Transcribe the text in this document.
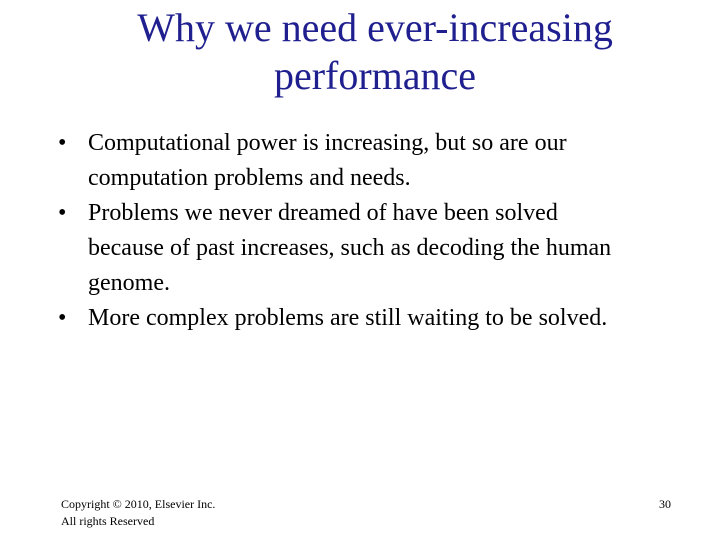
Why we need ever-increasing
performance
• Computational power is increasing, but so are our
computation problems and needs.
• Problems we never dreamed of have been solved
because of past increases, such as decoding the human
genome.
• More complex problems are still waiting to be solved.
Copyright © 2010, Elsevier Inc.
All rights Reserved
30
